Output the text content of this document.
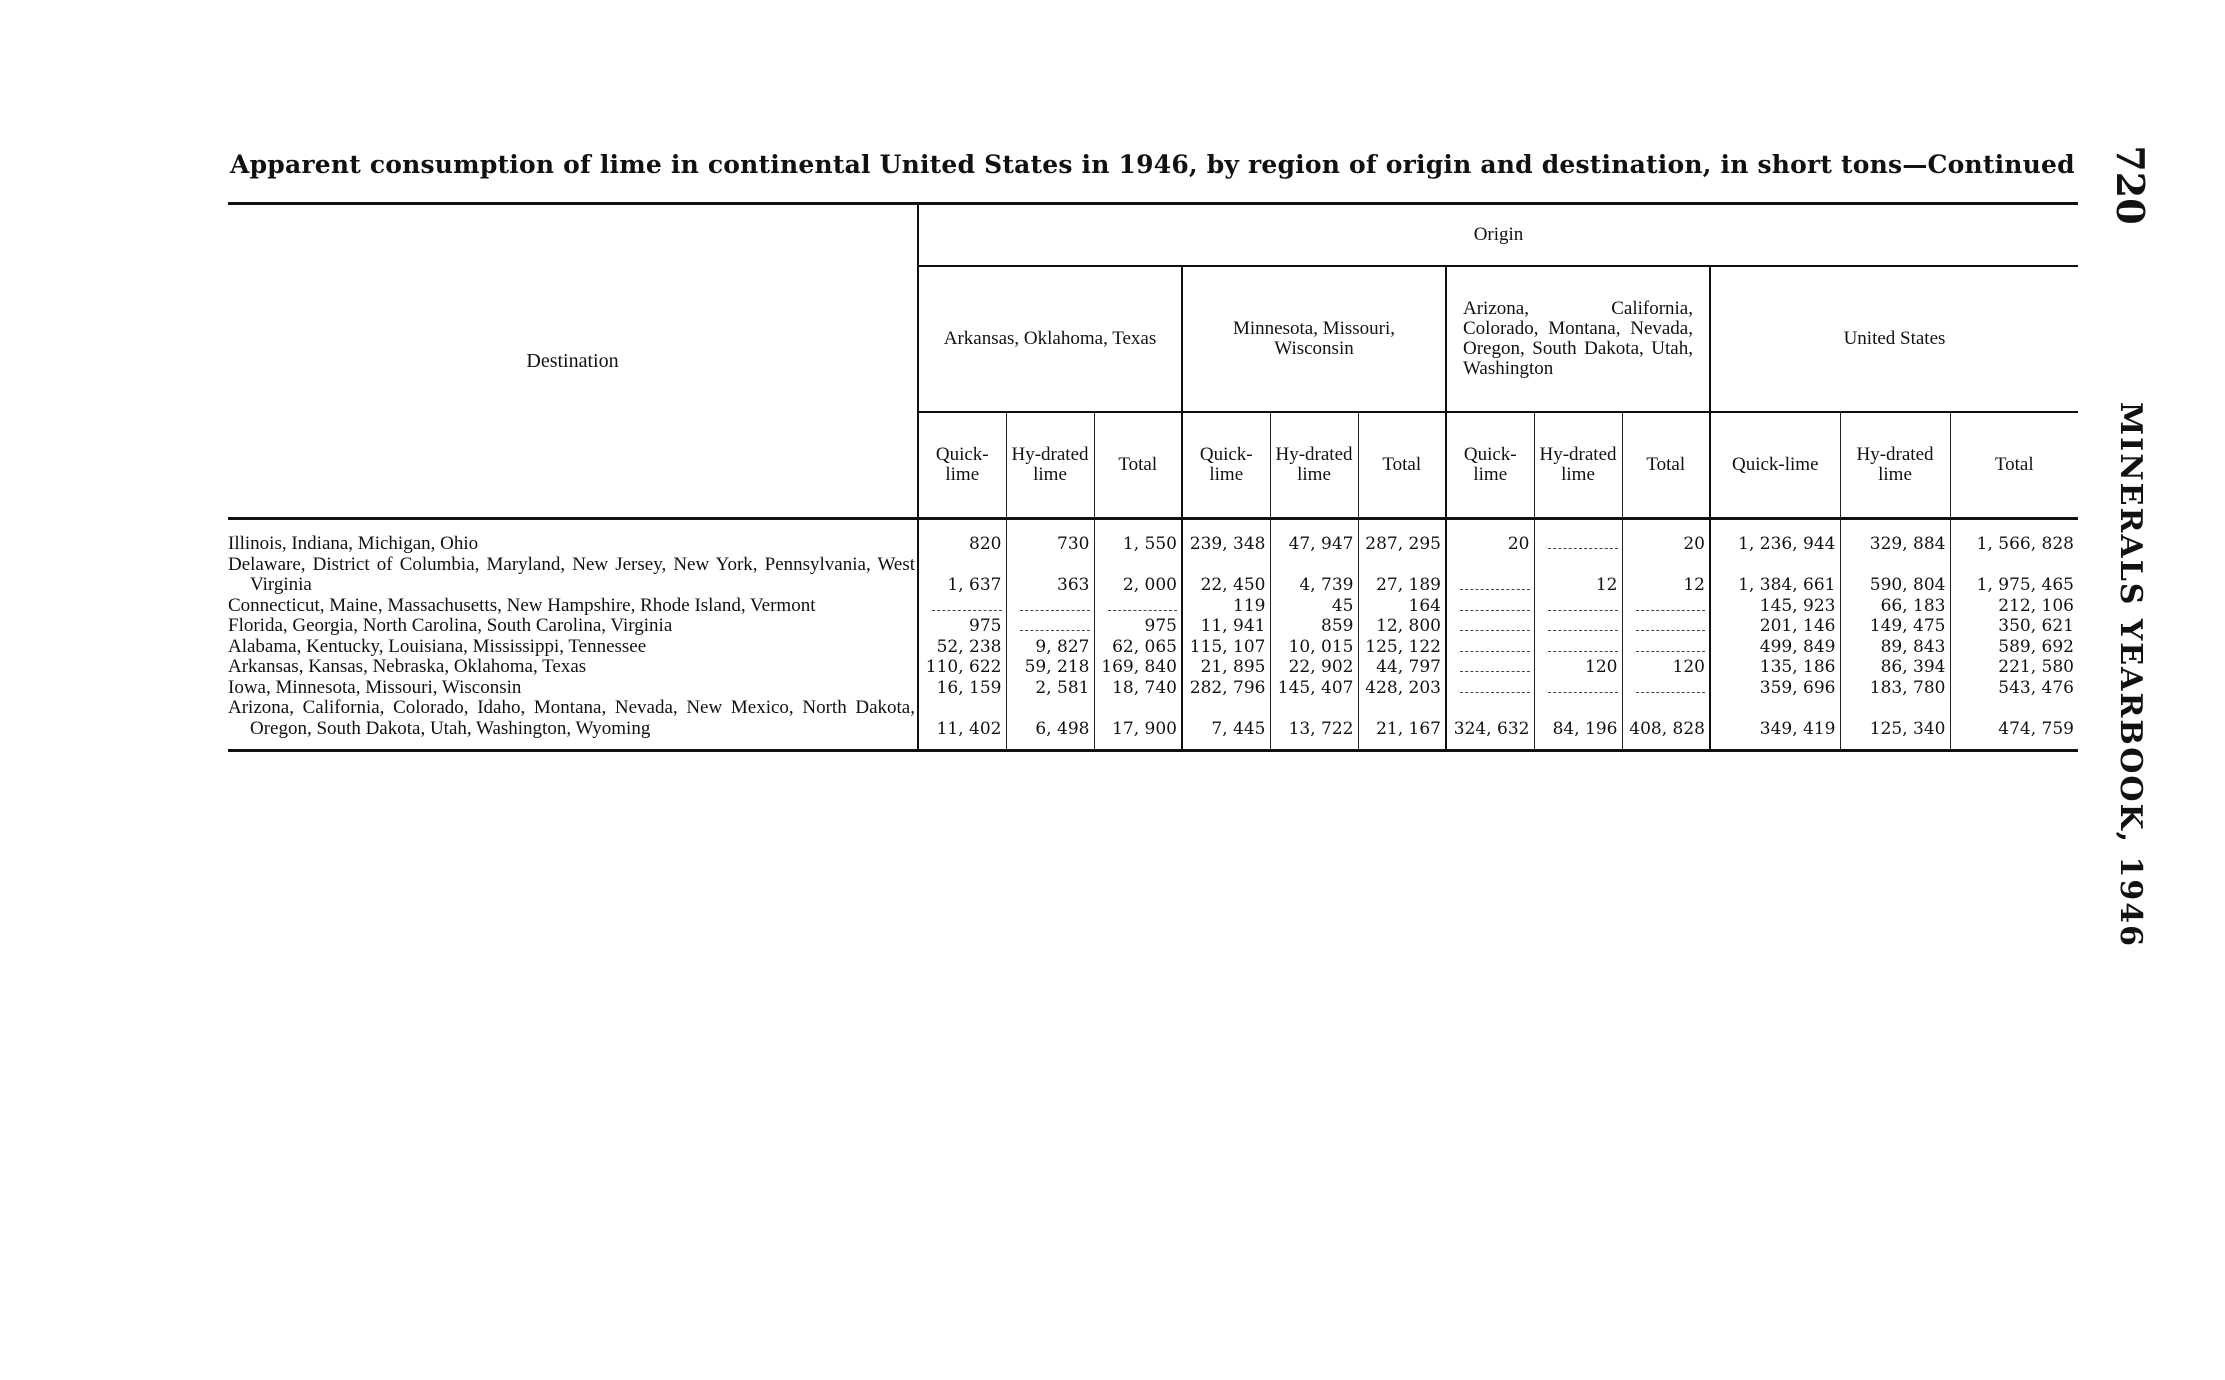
Apparent consumption of lime in continental United States in 1946, by region of origin and destination, in short tons—Continued 720
MINERALS YEARBOOK, 1946

Destination	Origin											
	Arkansas, Oklahoma, Texas			Minnesota, Missouri, Wisconsin			Arizona, California, Colorado, Montana, Nevada, Oregon, South Dakota, Utah, Washington			United States		
	Quick-lime	Hy-drated lime	Total	Quick-lime	Hy-drated lime	Total	Quick-lime	Hy-drated lime	Total	Quick-lime	Hy-drated lime	Total

Illinois, Indiana, Michigan, Ohio	820	730	1, 550	239, 348	47, 947	287, 295	20		20	1, 236, 944	329, 884	1, 566, 828

Delaware, District of Columbia, Maryland, New Jersey, New York, Pennsylvania, West Virginia	1, 637	363	2, 000	22, 450	4, 739	27, 189		12	12	1, 384, 661	590, 804	1, 975, 465

Connecticut, Maine, Massachusetts, New Hampshire, Rhode Island, Vermont				119	45	164				145, 923	66, 183	212, 106

Florida, Georgia, North Carolina, South Carolina, Virginia	975		975	11, 941	859	12, 800				201, 146	149, 475	350, 621

Alabama, Kentucky, Louisiana, Mississippi, Tennessee	52, 238	9, 827	62, 065	115, 107	10, 015	125, 122				499, 849	89, 843	589, 692

Arkansas, Kansas, Nebraska, Oklahoma, Texas	110, 622	59, 218	169, 840	21, 895	22, 902	44, 797		120	120	135, 186	86, 394	221, 580

Iowa, Minnesota, Missouri, Wisconsin	16, 159	2, 581	18, 740	282, 796	145, 407	428, 203				359, 696	183, 780	543, 476

Arizona, California, Colorado, Idaho, Montana, Nevada, New Mexico, North Dakota, Oregon, South Dakota, Utah, Washington, Wyoming	11, 402	6, 498	17, 900	7, 445	13, 722	21, 167	324, 632	84, 196	408, 828	349, 419	125, 340	474, 759
